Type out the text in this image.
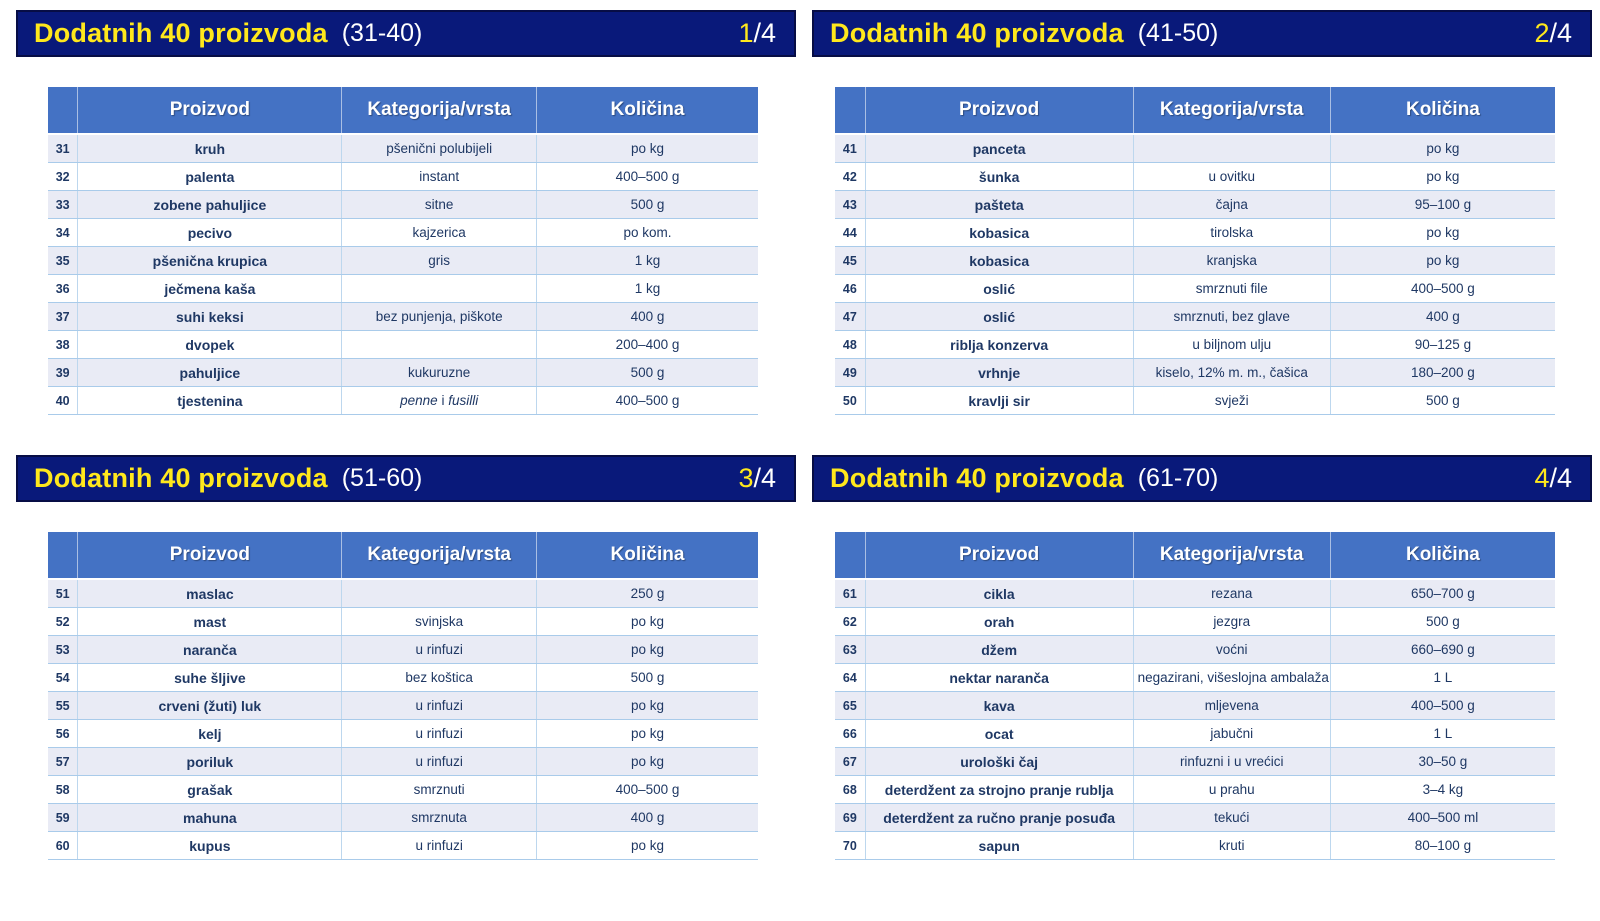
Dodatnih 40 proizvoda (31-40)	1/4
	Proizvod	Kategorija/vrsta	Količina
31	kruh	pšenični polubijeli	po kg
32	palenta	instant	400–500 g
33	zobene pahuljice	sitne	500 g
34	pecivo	kajzerica	po kom.
35	pšenična krupica	gris	1 kg
36	ječmena kaša		1 kg
37	suhi keksi	bez punjenja, piškote	400 g
38	dvopek		200–400 g
39	pahuljice	kukuruzne	500 g
40	tjestenina	penne i fusilli	400–500 g
Dodatnih 40 proizvoda (41-50)	2/4
	Proizvod	Kategorija/vrsta	Količina
41	panceta		po kg
42	šunka	u ovitku	po kg
43	pašteta	čajna	95–100 g
44	kobasica	tirolska	po kg
45	kobasica	kranjska	po kg
46	oslić	smrznuti file	400–500 g
47	oslić	smrznuti, bez glave	400 g
48	riblja konzerva	u biljnom ulju	90–125 g
49	vrhnje	kiselo, 12% m. m., čašica	180–200 g
50	kravlji sir	svježi	500 g
Dodatnih 40 proizvoda (51-60)	3/4
	Proizvod	Kategorija/vrsta	Količina
51	maslac		250 g
52	mast	svinjska	po kg
53	naranča	u rinfuzi	po kg
54	suhe šljive	bez koštica	500 g
55	crveni (žuti) luk	u rinfuzi	po kg
56	kelj	u rinfuzi	po kg
57	poriluk	u rinfuzi	po kg
58	grašak	smrznuti	400–500 g
59	mahuna	smrznuta	400 g
60	kupus	u rinfuzi	po kg
Dodatnih 40 proizvoda (61-70)	4/4
	Proizvod	Kategorija/vrsta	Količina
61	cikla	rezana	650–700 g
62	orah	jezgra	500 g
63	džem	voćni	660–690 g
64	nektar naranča	negazirani, višeslojna ambalaža	1 L
65	kava	mljevena	400–500 g
66	ocat	jabučni	1 L
67	urološki čaj	rinfuzni i u vrećici	30–50 g
68	deterdžent za strojno pranje rublja	u prahu	3–4 kg
69	deterdžent za ručno pranje posuđa	tekući	400–500 ml
70	sapun	kruti	80–100 g
